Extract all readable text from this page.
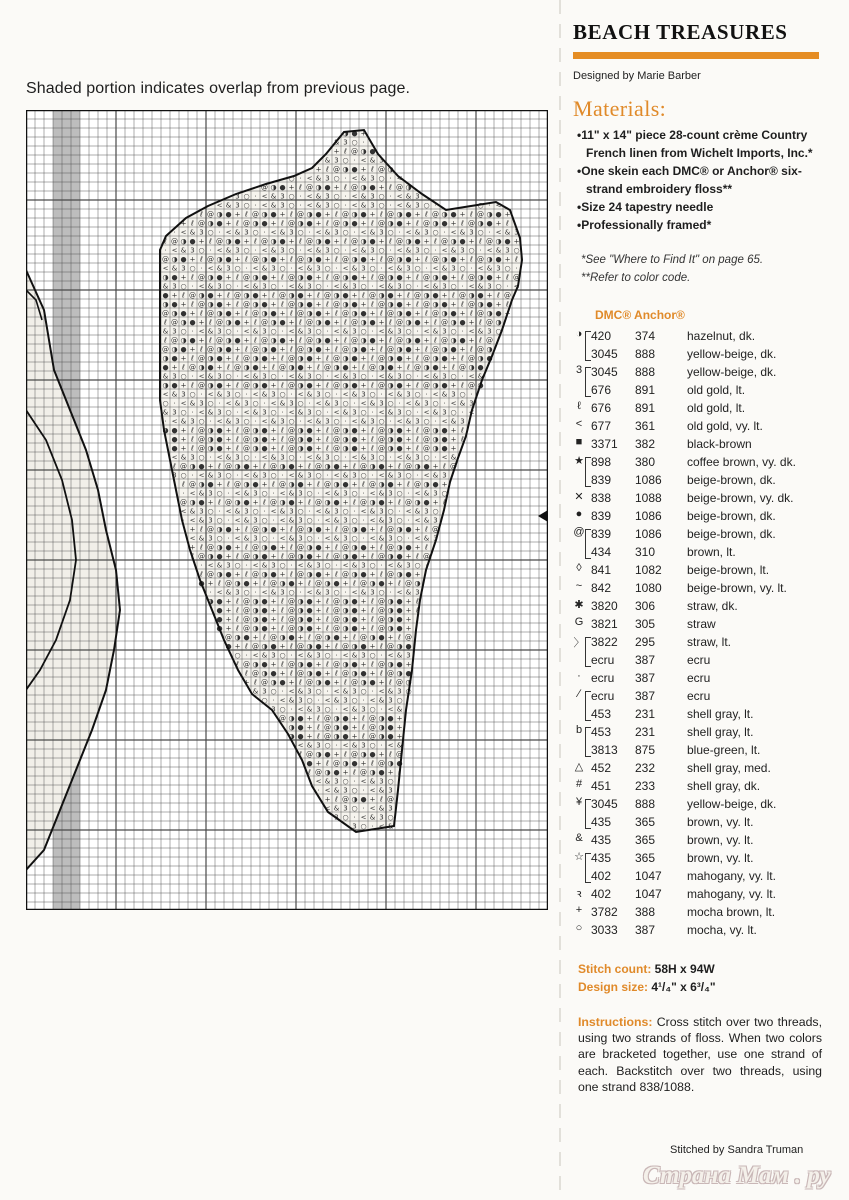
Shaded portion indicates overlap from previous page.
◑ ● +
& 3 ○ ·
+ ℓ @ ◑ ●
& 3 ○ · < & 3
+ ℓ @ ◑ ● + ℓ @ ◑
○ · < & 3 ○ · < & 3 ○ · <
@ ◑ ● + ℓ @ ◑ ● + ℓ @ ◑ ● + ℓ @ ◑
3 ○ · < & 3 ○ · < & 3 ○ · < & 3 ○ · < & 3
< & 3 ○ · < & 3 ○ · < & 3 ○ · < & 3 ○ · < & 3 ○ ·	○ · <
ℓ @ ◑ ● + ℓ @ ◑ ● + ℓ @ ◑ ● + ℓ @ ◑ ● + ℓ @ ◑ ● + ℓ @ ◑ ● + ℓ @ ◑ ● +
+ ℓ @ ◑ ● + ℓ @ ◑ ● + ℓ @ ◑ ● + ℓ @ ◑ ● + ℓ @ ◑ ● + ℓ @ ◑ ● + ℓ @ ◑ ● + ℓ
· < & 3 ○ · < & 3 ○ · < & 3 ○ · < & 3 ○ · < & 3 ○ · < & 3 ○ · < & 3 ○ · < & 3
ℓ @ ◑ ● + ℓ @ ◑ ● + ℓ @ ◑ ● + ℓ @ ◑ ● + ℓ @ ◑ ● + ℓ @ ◑ ● + ℓ @ ◑ ● + ℓ @ ◑ ● +
· < & 3 ○ · < & 3 ○ · < & 3 ○ · < & 3 ○ · < & 3 ○ · < & 3 ○ · < & 3 ○ · < & 3 ○
@ ◑ ● + ℓ @ ◑ ● + ℓ @ ◑ ● + ℓ @ ◑ ● + ℓ @ ◑ ● + ℓ @ ◑ ● + ℓ @ ◑ ● + ℓ @ ◑ ● + ℓ
< & 3 ○ · < & 3 ○ · < & 3 ○ · < & 3 ○ · < & 3 ○ · < & 3 ○ · < & 3 ○ · < & 3 ○ ·
◑ ● + ℓ @ ◑ ● + ℓ @ ◑ ● + ℓ @ ◑ ● + ℓ @ ◑ ● + ℓ @ ◑ ● + ℓ @ ◑ ● + ℓ @ ◑ ● + ℓ @
& 3 ○ · < & 3 ○ · < & 3 ○ · < & 3 ○ · < & 3 ○ · < & 3 ○ · < & 3 ○ · < & 3 ○ · <
● + ℓ @ ◑ ● + ℓ @ ◑ ● + ℓ @ ◑ ● + ℓ @ ◑ ● + ℓ @ ◑ ● + ℓ @ ◑ ● + ℓ @ ◑ ● + ℓ @
◑ ● + ℓ @ ◑ ● + ℓ @ ◑ ● + ℓ @ ◑ ● + ℓ @ ◑ ● + ℓ @ ◑ ● + ℓ @ ◑ ● + ℓ @ ◑ ● + ℓ
@ ◑ ● + ℓ @ ◑ ● + ℓ @ ◑ ● + ℓ @ ◑ ● + ℓ @ ◑ ● + ℓ @ ◑ ● + ℓ @ ◑ ● + ℓ @ ◑ ● +
ℓ @ ◑ ● + ℓ @ ◑ ● + ℓ @ ◑ ● + ℓ @ ◑ ● + ℓ @ ◑ ● + ℓ @ ◑ ● + ℓ @ ◑ ● + ℓ @ ◑
& 3 ○ · < & 3 ○ · < & 3 ○ · < & 3 ○ · < & 3 ○ · < & 3 ○ · < & 3 ○ · < & 3 ○
ℓ @ ◑ ● + ℓ @ ◑ ● + ℓ @ ◑ ● + ℓ @ ◑ ● + ℓ @ ◑ ● + ℓ @ ◑ ● + ℓ @ ◑ ● + ℓ @
@ ◑ ● + ℓ @ ◑ ● + ℓ @ ◑ ● + ℓ @ ◑ ● + ℓ @ ◑ ● + ℓ @ ◑ ● + ℓ @ ◑ ● + ℓ @ ◑
◑ ● + ℓ @ ◑ ● + ℓ @ ◑ ● + ℓ @ ◑ ● + ℓ @ ◑ ● + ℓ @ ◑ ● + ℓ @ ◑ ● + ℓ @ ◑ ●
● + ℓ @ ◑ ● + ℓ @ ◑ ● + ℓ @ ◑ ● + ℓ @ ◑ ● + ℓ @ ◑ ● + ℓ @ ◑ ● + ℓ @ ◑ ●
& 3 ○ · < & 3 ○ · < & 3 ○ · < & 3 ○ · < & 3 ○ · < & 3 ○ · < & 3 ○ · < &
◑ ● + ℓ @ ◑ ● + ℓ @ ◑ ● + ℓ @ ◑ ● + ℓ @ ◑ ● + ℓ @ ◑ ● + ℓ @ ◑ ● + ℓ @ ◑
< & 3 ○ · < & 3 ○ · < & 3 ○ · < & 3 ○ · < & 3 ○ · < & 3 ○ · < & 3 ○ ·
○ · < & 3 ○ · < & 3 ○ · < & 3 ○ · < & 3 ○ · < & 3 ○ · < & 3 ○ · < & 3
& 3 ○ · < & 3 ○ · < & 3 ○ · < & 3 ○ · < & 3 ○ · < & 3 ○ · < & 3 ○ · <
· < & 3 ○ · < & 3 ○ · < & 3 ○ · < & 3 ○ · < & 3 ○ · < & 3 ○ · < & 3
◑ ● + ℓ @ ◑ ● + ℓ @ ◑ ● + ℓ @ ◑ ● + ℓ @ ◑ ● + ℓ @ ◑ ● + ℓ @ ◑ ● + ℓ
● + ℓ @ ◑ ● + ℓ @ ◑ ● + ℓ @ ◑ ● + ℓ @ ◑ ● + ℓ @ ◑ ● + ℓ @ ◑ ● + ℓ
● + ℓ @ ◑ ● + ℓ @ ◑ ● + ℓ @ ◑ ● + ℓ @ ◑ ● + ℓ @ ◑ ● + ℓ @ ◑ ● +
< & 3 ○ · < & 3 ○ · < & 3 ○ · < & 3 ○ · < & 3 ○ · < & 3 ○ · < &
ℓ @ ◑ ● + ℓ @ ◑ ● + ℓ @ ◑ ● + ℓ @ ◑ ● + ℓ @ ◑ ● + ℓ @ ◑ ● + ℓ @
3 ○ · < & 3 ○ · < & 3 ○ · < & 3 ○ · < & 3 ○ · < & 3 ○ · < & 3
ℓ @ ◑ ● + ℓ @ ◑ ● + ℓ @ ◑ ● + ℓ @ ◑ ● + ℓ @ ◑ ● + ℓ @ ◑ ● +
· < & 3 ○ · < & 3 ○ · < & 3 ○ · < & 3 ○ · < & 3 ○ · < & 3 ○
@ ◑ ● + ℓ @ ◑ ● + ℓ @ ◑ ● + ℓ @ ◑ ● + ℓ @ ◑ ● + ℓ @ ◑ ● + ℓ
< & 3 ○ · < & 3 ○ · < & 3 ○ · < & 3 ○ · < & 3 ○ · < & 3 ○
· < & 3 ○ · < & 3 ○ · < & 3 ○ · < & 3 ○ · < & 3 ○ · < & 3
+ ℓ @ ◑ ● + ℓ @ ◑ ● + ℓ @ ◑ ● + ℓ @ ◑ ● + ℓ @ ◑ ● + ℓ @
< & 3 ○ · < & 3 ○ · < & 3 ○ · < & 3 ○ · < & 3 ○ · < & 3
+ ℓ @ ◑ ● + ℓ @ ◑ ● + ℓ @ ◑ ● + ℓ @ ◑ ● + ℓ @ ◑ ● + ℓ
ℓ @ ◑ ● + ℓ @ ◑ ● + ℓ @ ◑ ● + ℓ @ ◑ ● + ℓ @ ◑ ● + ℓ @
· < & 3 ○ · < & 3 ○ · < & 3 ○ · < & 3 ○ · < & 3 ○ ·
ℓ @ ◑ ● + ℓ @ ◑ ● + ℓ @ ◑ ● + ℓ @ ◑ ● + ℓ @ ◑ ● +
● + ℓ @ ◑ ● + ℓ @ ◑ ● + ℓ @ ◑ ● + ℓ @ ◑ ● + ℓ @ ◑
· < & 3 ○ · < & 3 ○ · < & 3 ○ · < & 3 ○ · < & 3
◑ ● + ℓ @ ◑ ● + ℓ @ ◑ ● + ℓ @ ◑ ● + ℓ @ ◑ ● + ℓ
● + ℓ @ ◑ ● + ℓ @ ◑ ● + ℓ @ ◑ ● + ℓ @ ◑ ● + ℓ
● + ℓ @ ◑ ● + ℓ @ ◑ ● + ℓ @ ◑ ● + ℓ @ ◑ ● + ℓ
● + ℓ @ ◑ ● + ℓ @ ◑ ● + ℓ @ ◑ ● + ℓ @ ◑ ● +
@ ◑ ● + ℓ @ ◑ ● + ℓ @ ◑ ● + ℓ @ ◑ ● + ℓ @
● + ℓ @ ◑ ● + ℓ @ ◑ ● + ℓ @ ◑ ● + ℓ @ ◑ ●
○ · < & 3 ○ · < & 3 ○ · < & 3 ○ · < & 3
ℓ @ ◑ ● + ℓ @ ◑ ● + ℓ @ ◑ ● + ℓ @ ◑ ● +
ℓ @ ◑ ● + ℓ @ ◑ ● + ℓ @ ◑ ● + ℓ @ ◑ ●
+ ℓ @ ◑ ● + ℓ @ ◑ ● + ℓ @ ◑ ● + ℓ @ ◑
& 3 ○ · < & 3 ○ · < & 3 ○ · < & 3 ○
○ · < & 3 ○ · < & 3 ○ · < & 3 ○
3 ○ · < & 3 ○ · < & 3 ○ · < &
@ ◑ ● + ℓ @ ◑ ● + ℓ @ ◑ ● +
◑ ● + ℓ @ ◑ ● + ℓ @ ◑ ● +
◑ ● + ℓ @ ◑ ● + ℓ @ ◑ ● +
< & 3 ○ · < & 3 ○ · < &
ℓ @ ◑ ● + ℓ @ ◑ ● + ℓ @
● + ℓ @ ◑ ● + ℓ @ ◑ ●
ℓ @ ◑ ● + ℓ @ ◑ ● + ℓ
< & 3 ○ · < & 3 ○
· < & 3 ○ · < & 3
+ ℓ @ ◑ ● + ℓ @
< & 3 ○ · < & 3
3 ○ · < & 3 ○
3 ○ · < &
BEACH TREASURES
Designed by Marie Barber
Materials:
•11" x 14" piece 28-count crème Country French linen from Wichelt Imports, Inc.*
•One skein each DMC® or Anchor® six-strand embroidery floss**
•Size 24 tapestry needle
•Professionally framed*
*See "Where to Find It" on page 65.
**Refer to color code.
DMC® Anchor®
◑ 420 374	hazelnut, dk.
3045 888	yellow-beige, dk.
3 3045 888	yellow-beige, dk.
676 891	old gold, lt.
ℓ 676 891	old gold, lt.
< 677 361	old gold, vy. lt.
■ 3371 382	black-brown
★ 898 380	coffee brown, vy. dk.
839 1086 beige-brown, dk.
✕ 838 1088 beige-brown, vy. dk.
● 839 1086 beige-brown, dk.
@ 839 1086 beige-brown, dk.
434 310	brown, lt.
◊ 841 1082 beige-brown, lt.
~ 842 1080 beige-brown, vy. lt.
✱ 3820 306	straw, dk.
G 3821 305	straw
〉 3822 295	straw, lt.
ecru 387	ecru
· ecru 387	ecru
∕ ecru 387	ecru
453 231	shell gray, lt.
b 453 231	shell gray, lt.
3813 875	blue-green, lt.
△ 452 232	shell gray, med.
# 451 233	shell gray, dk.
¥ 3045 888	yellow-beige, dk.
435 365	brown, vy. lt.
& 435 365	brown, vy. lt.
☆ 435 365	brown, vy. lt.
402 1047 mahogany, vy. lt.
ꝛ 402 1047 mahogany, vy. lt.
+ 3782 388	mocha brown, lt.
○ 3033 387	mocha, vy. lt.
Stitch count: 58H x 94W
Design size: 4¹/₄" x 6³/₄"
Instructions: Cross stitch over two threads, using two strands of floss. When two colors are bracketed together, use one strand of each. Backstitch over two threads, using one strand 838/1088.
Stitched by Sandra Truman
Страна Мам . ру
